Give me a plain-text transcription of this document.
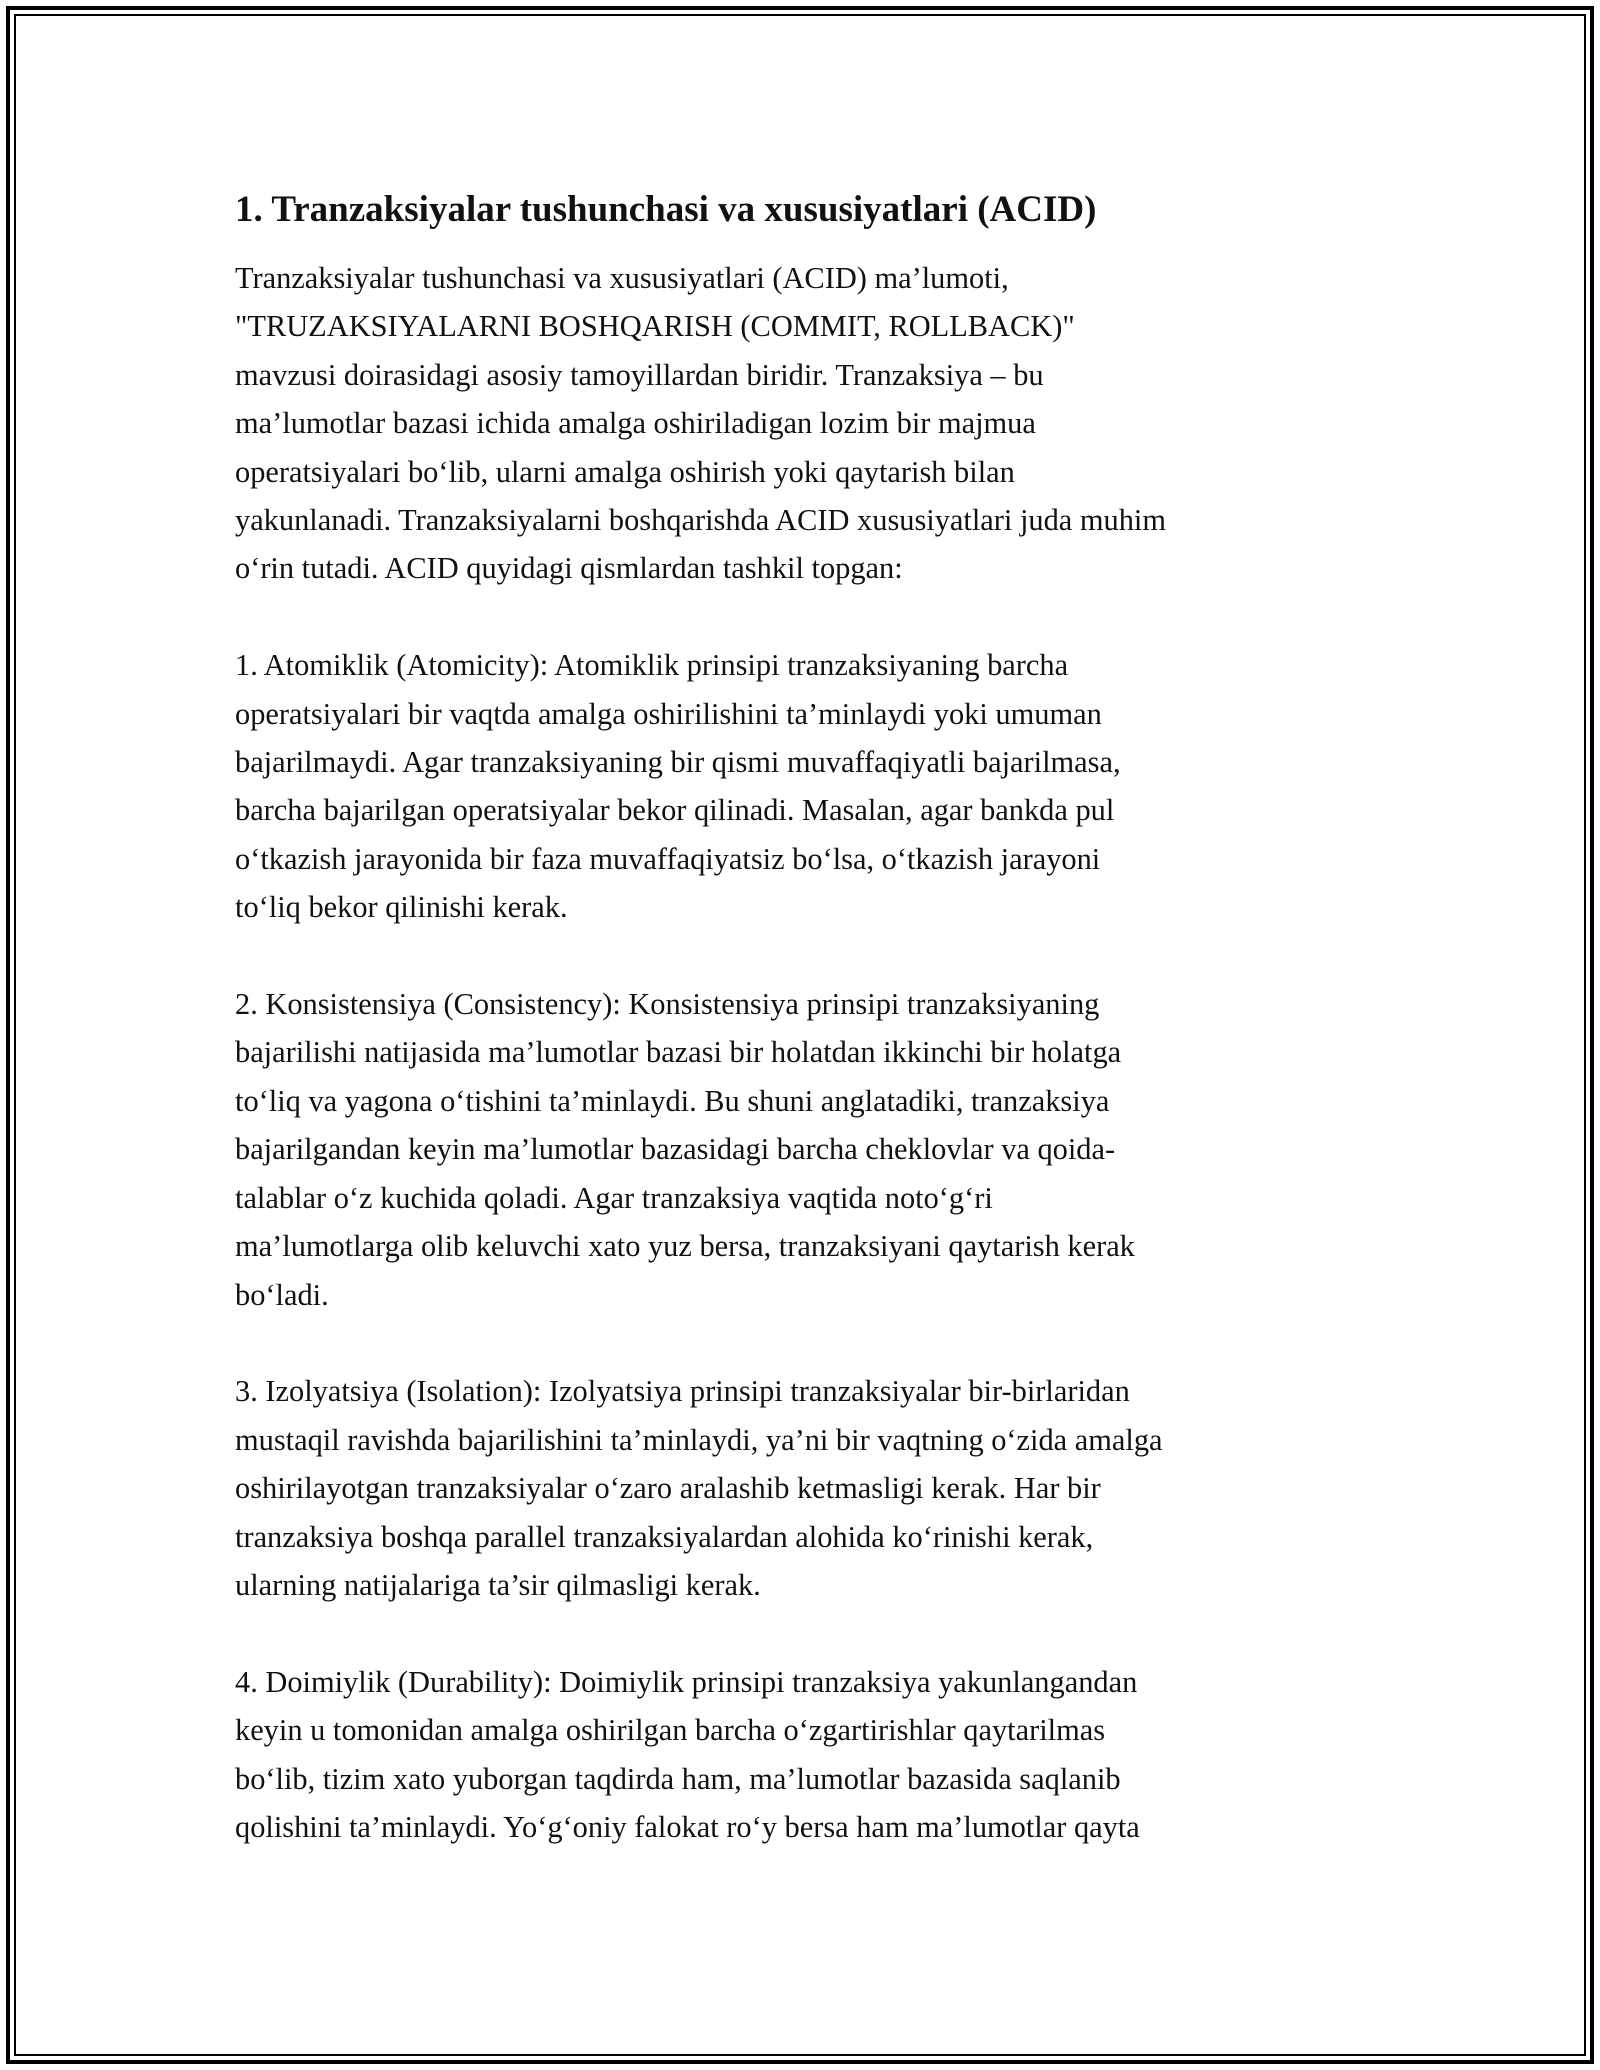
1. Tranzaksiyalar tushunchasi va xususiyatlari (ACID)
Tranzaksiyalar tushunchasi va xususiyatlari (ACID) ma’lumoti,
"TRUZAKSIYALARNI BOSHQARISH (COMMIT, ROLLBACK)"
mavzusi doirasidagi asosiy tamoyillardan biridir. Tranzaksiya – bu
ma’lumotlar bazasi ichida amalga oshiriladigan lozim bir majmua
operatsiyalari bo‘lib, ularni amalga oshirish yoki qaytarish bilan
yakunlanadi. Tranzaksiyalarni boshqarishda ACID xususiyatlari juda muhim
o‘rin tutadi. ACID quyidagi qismlardan tashkil topgan:
1. Atomiklik (Atomicity): Atomiklik prinsipi tranzaksiyaning barcha
operatsiyalari bir vaqtda amalga oshirilishini ta’minlaydi yoki umuman
bajarilmaydi. Agar tranzaksiyaning bir qismi muvaffaqiyatli bajarilmasa,
barcha bajarilgan operatsiyalar bekor qilinadi. Masalan, agar bankda pul
o‘tkazish jarayonida bir faza muvaffaqiyatsiz bo‘lsa, o‘tkazish jarayoni
to‘liq bekor qilinishi kerak.
2. Konsistensiya (Consistency): Konsistensiya prinsipi tranzaksiyaning
bajarilishi natijasida ma’lumotlar bazasi bir holatdan ikkinchi bir holatga
to‘liq va yagona o‘tishini ta’minlaydi. Bu shuni anglatadiki, tranzaksiya
bajarilgandan keyin ma’lumotlar bazasidagi barcha cheklovlar va qoida-
talablar o‘z kuchida qoladi. Agar tranzaksiya vaqtida noto‘g‘ri
ma’lumotlarga olib keluvchi xato yuz bersa, tranzaksiyani qaytarish kerak
bo‘ladi.
3. Izolyatsiya (Isolation): Izolyatsiya prinsipi tranzaksiyalar bir-birlaridan
mustaqil ravishda bajarilishini ta’minlaydi, ya’ni bir vaqtning o‘zida amalga
oshirilayotgan tranzaksiyalar o‘zaro aralashib ketmasligi kerak. Har bir
tranzaksiya boshqa parallel tranzaksiyalardan alohida ko‘rinishi kerak,
ularning natijalariga ta’sir qilmasligi kerak.
4. Doimiylik (Durability): Doimiylik prinsipi tranzaksiya yakunlangandan
keyin u tomonidan amalga oshirilgan barcha o‘zgartirishlar qaytarilmas
bo‘lib, tizim xato yuborgan taqdirda ham, ma’lumotlar bazasida saqlanib
qolishini ta’minlaydi. Yo‘g‘oniy falokat ro‘y bersa ham ma’lumotlar qayta
